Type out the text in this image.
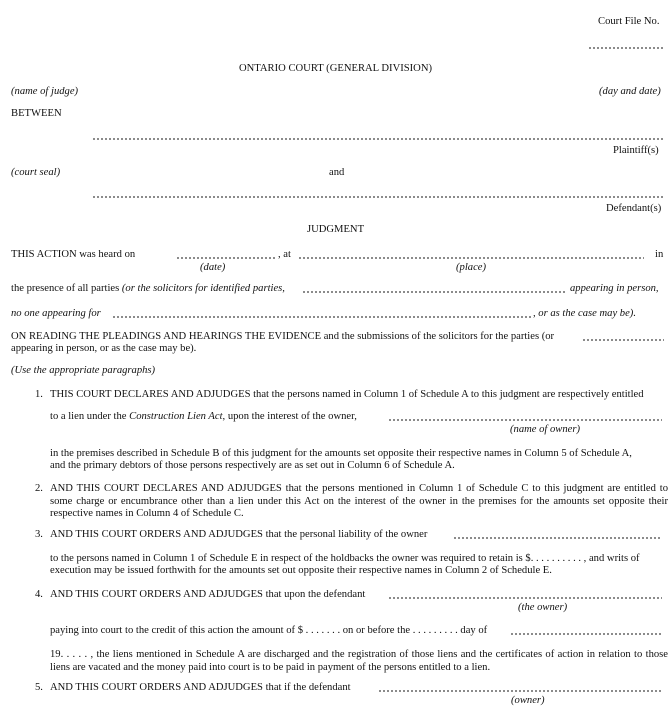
Court File No.
ONTARIO COURT (GENERAL DIVISION)
(name of judge)	(day and date)
BETWEEN
Plaintiff(s)
(court seal)	and
Defendant(s)
JUDGMENT
THIS ACTION was heard on	, at	in
(date)	(place)
the presence of all parties (or the solicitors for identified parties,	appearing in person,
no one appearing for	, or as the case may be).
ON READING THE PLEADINGS AND HEARINGS THE EVIDENCE and the submissions of the solicitors for the parties (or
appearing in person, or as the case may be).
(Use the appropriate paragraphs)
1. THIS COURT DECLARES AND ADJUDGES that the persons named in Column 1 of Schedule A to this judgment are respectively entitled
to a lien under the Construction Lien Act, upon the interest of the owner,
(name of owner)
in the premises described in Schedule B of this judgment for the amounts set opposite their respective names in Column 5 of Schedule A,
and the primary debtors of those persons respectively are as set out in Column 6 of Schedule A.
2. AND THIS COURT DECLARES AND ADJUDGES that the persons mentioned in Column 1 of Schedule C to this judgment are entitled to some charge or encumbrance other than a lien under this Act on the interest of the owner in the premises for the amounts set opposite their respective names in Column 4 of Schedule C.
3. AND THIS COURT ORDERS AND ADJUDGES that the personal liability of the owner
to the persons named in Column 1 of Schedule E in respect of the holdbacks the owner was required to retain is $. . . . . . . . . . , and writs of
execution may be issued forthwith for the amounts set out opposite their respective names in Column 2 of Schedule E.
4. AND THIS COURT ORDERS AND ADJUDGES that upon the defendant
(the owner)
paying into court to the credit of this action the amount of $ . . . . . . . on or before the . . . . . . . . . day of
19. . . . . , the liens mentioned in Schedule A are discharged and the registration of those liens and the certificates of action in relation to those liens are vacated and the money paid into court is to be paid in payment of the persons entitled to a lien.
5. AND THIS COURT ORDERS AND ADJUDGES that if the defendant
(owner)
